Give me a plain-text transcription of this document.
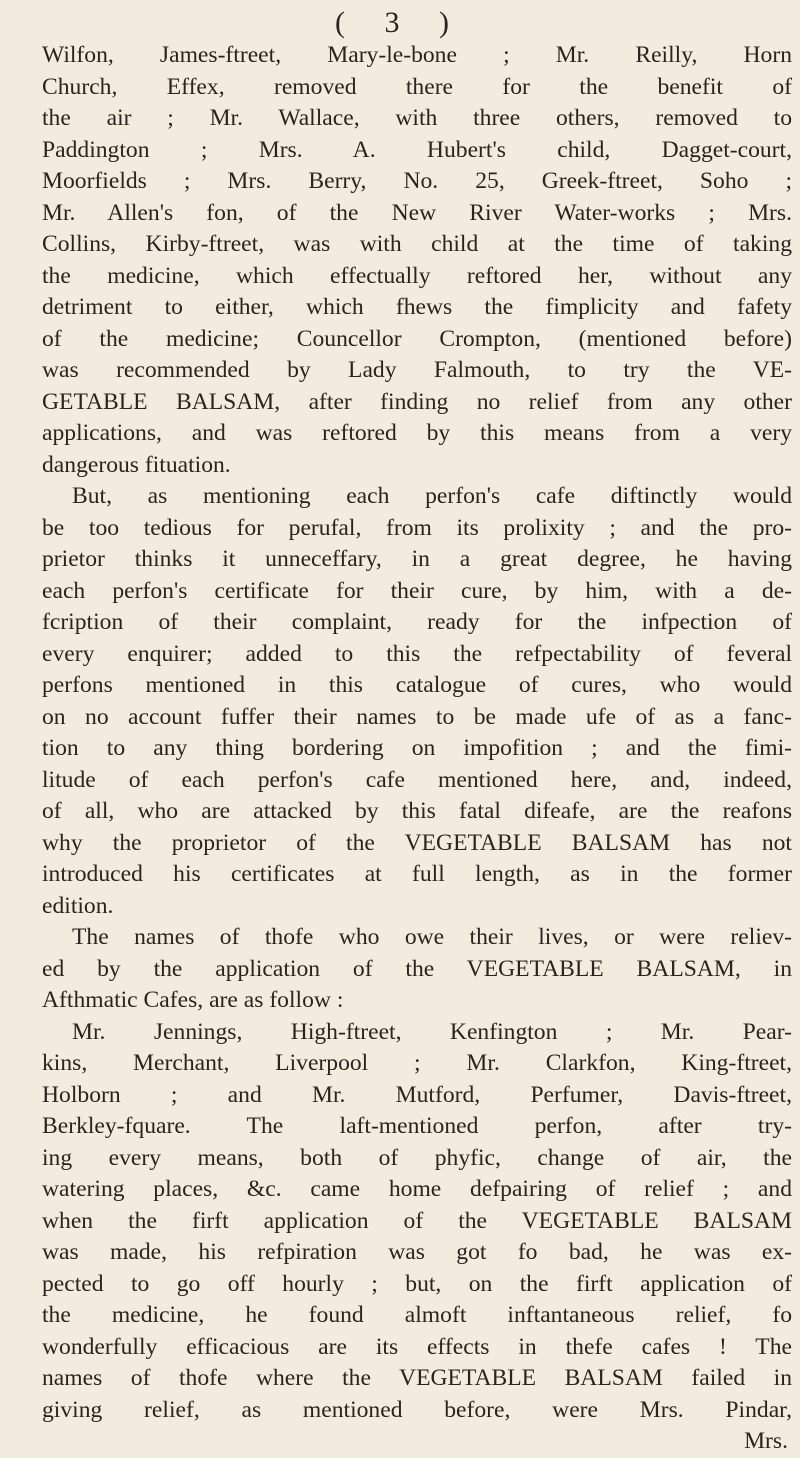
( 3 )

Wilfon, James-ftreet, Mary-le-bone ; Mr. Reilly, Horn

Church, Effex, removed there for the benefit of

the air ; Mr. Wallace, with three others, removed to

Paddington ; Mrs. A. Hubert's child, Dagget-court,

Moorfields ; Mrs. Berry, No. 25, Greek-ftreet, Soho ;

Mr. Allen's fon, of the New River Water-works ; Mrs.

Collins, Kirby-ftreet, was with child at the time of taking

the medicine, which effectually reftored her, without any

detriment to either, which fhews the fimplicity and fafety

of the medicine; Councellor Crompton, (mentioned before)

was recommended by Lady Falmouth, to try the VE-

GETABLE BALSAM, after finding no relief from any other

applications, and was reftored by this means from a very

dangerous fituation.

But, as mentioning each perfon's cafe diftinctly would

be too tedious for perufal, from its prolixity ; and the pro-

prietor thinks it unneceffary, in a great degree, he having

each perfon's certificate for their cure, by him, with a de-

fcription of their complaint, ready for the infpection of

every enquirer; added to this the refpectability of feveral

perfons mentioned in this catalogue of cures, who would

on no account fuffer their names to be made ufe of as a fanc-

tion to any thing bordering on impofition ; and the fimi-

litude of each perfon's cafe mentioned here, and, indeed,

of all, who are attacked by this fatal difeafe, are the reafons

why the proprietor of the VEGETABLE BALSAM has not

introduced his certificates at full length, as in the former

edition.

The names of thofe who owe their lives, or were reliev-

ed by the application of the VEGETABLE BALSAM, in

Afthmatic Cafes, are as follow :

Mr. Jennings, High-ftreet, Kenfington ; Mr. Pear-

kins, Merchant, Liverpool ; Mr. Clarkfon, King-ftreet,

Holborn ; and Mr. Mutford, Perfumer, Davis-ftreet,

Berkley-fquare. The laft-mentioned perfon, after try-

ing every means, both of phyfic, change of air, the

watering places, &c. came home defpairing of relief ; and

when the firft application of the VEGETABLE BALSAM

was made, his refpiration was got fo bad, he was ex-

pected to go off hourly ; but, on the firft application of

the medicine, he found almoft inftantaneous relief, fo

wonderfully efficacious are its effects in thefe cafes ! The

names of thofe where the VEGETABLE BALSAM failed in

giving relief, as mentioned before, were Mrs. Pindar,

Mrs.
